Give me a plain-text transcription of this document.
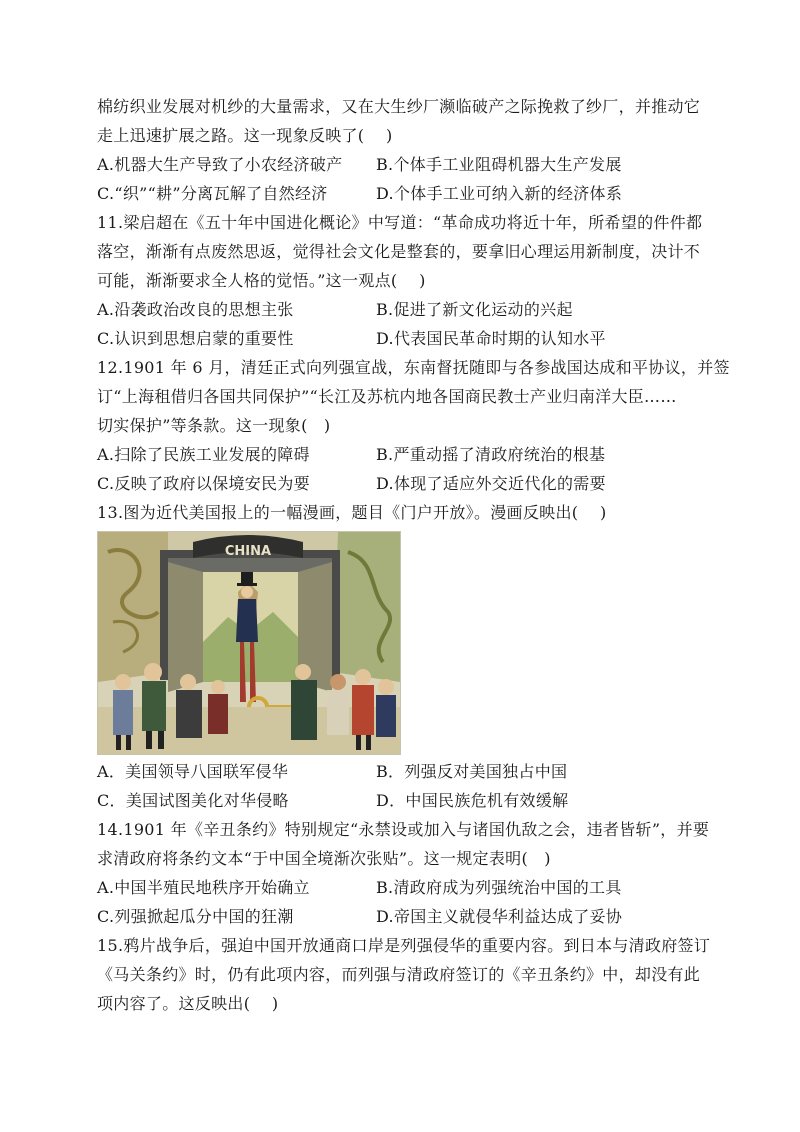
棉纺织业发展对机纱的大量需求，又在大生纱厂濒临破产之际挽救了纱厂，并推动它
走上迅速扩展之路。这一现象反映了(　 )
A.机器大生产导致了小农经济破产 B.个体手工业阻碍机器大生产发展
C.“织”“耕”分离瓦解了自然经济	D.个体手工业可纳入新的经济体系
11.梁启超在《五十年中国进化概论》中写道：“革命成功将近十年，所希望的件件都
落空，渐渐有点废然思返，觉得社会文化是整套的，要拿旧心理运用新制度，决计不
可能，渐渐要求全人格的觉悟。”这一观点(　 )
A.沿袭政治改良的思想主张	B.促进了新文化运动的兴起
C.认识到思想启蒙的重要性	D.代表国民革命时期的认知水平
12.1901 年 6 月，清廷正式向列强宣战，东南督抚随即与各参战国达成和平协议，并签
订“上海租借归各国共同保护”“长江及苏杭内地各国商民教士产业归南洋大臣……
切实保护”等条款。这一现象(　)
A.扫除了民族工业发展的障碍	B.严重动摇了清政府统治的根基
C.反映了政府以保境安民为要	D.体现了适应外交近代化的需要
13.图为近代美国报上的一幅漫画，题目《门户开放》。漫画反映出(　 )
CHINA
A．美国领导八国联军侵华	B．列强反对美国独占中国
C．美国试图美化对华侵略	D．中国民族危机有效缓解
14.1901 年《辛丑条约》特别规定“永禁设或加入与诸国仇敌之会，违者皆斩”，并要
求清政府将条约文本“于中国全境渐次张贴”。这一规定表明(　)
A.中国半殖民地秩序开始确立	B.清政府成为列强统治中国的工具
C.列强掀起瓜分中国的狂潮	D.帝国主义就侵华利益达成了妥协
15.鸦片战争后，强迫中国开放通商口岸是列强侵华的重要内容。到日本与清政府签订
《马关条约》时，仍有此项内容，而列强与清政府签订的《辛丑条约》中，却没有此
项内容了。这反映出(　 )
